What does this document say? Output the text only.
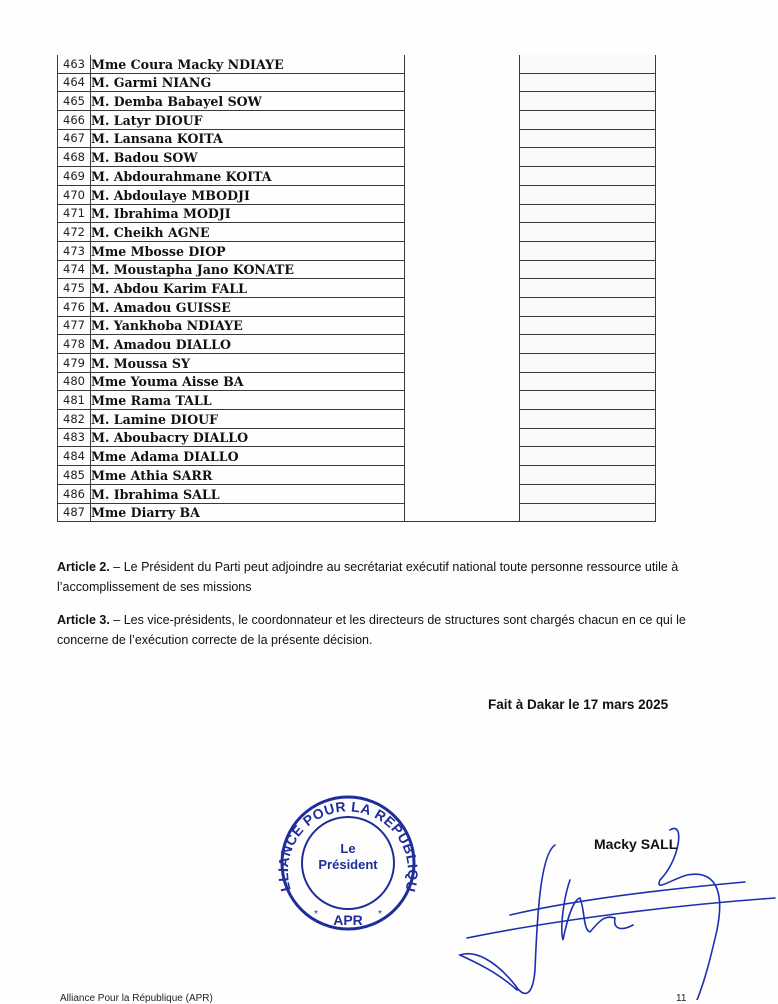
463	Mme Coura Macky NDIAYE		
464	M. Garmi NIANG		
465	M. Demba Babayel SOW		
466	M. Latyr DIOUF		
467	M. Lansana KOITA		
468	M. Badou SOW		
469	M. Abdourahmane KOITA		
470	M. Abdoulaye MBODJI		
471	M. Ibrahima MODJI		
472	M. Cheikh AGNE		
473	Mme Mbosse DIOP		
474	M. Moustapha Jano KONATE		
475	M. Abdou Karim FALL		
476	M. Amadou GUISSE		
477	M. Yankhoba NDIAYE		
478	M. Amadou DIALLO		
479	M. Moussa SY		
480	Mme Youma Aisse BA		
481	Mme Rama TALL		
482	M. Lamine DIOUF		
483	M. Aboubacry DIALLO		
484	Mme Adama DIALLO		
485	Mme Athia SARR		
486	M. Ibrahima SALL		
487	Mme Diarry BA		

Article 2. – Le Président du Parti peut adjoindre au secrétariat exécutif national toute personne ressource utile à l’accomplissement de ses missions

Article 3. – Les vice-présidents, le coordonnateur et les directeurs de structures sont chargés chacun en ce qui le concerne de l’exécution correcte de la présente décision.

Fait à Dakar le 17 mars 2025
LLIANCE POUR LA REPUBLIQU
APR
*	*
Le
Président
Macky SALL
Alliance Pour la République (APR)	11
